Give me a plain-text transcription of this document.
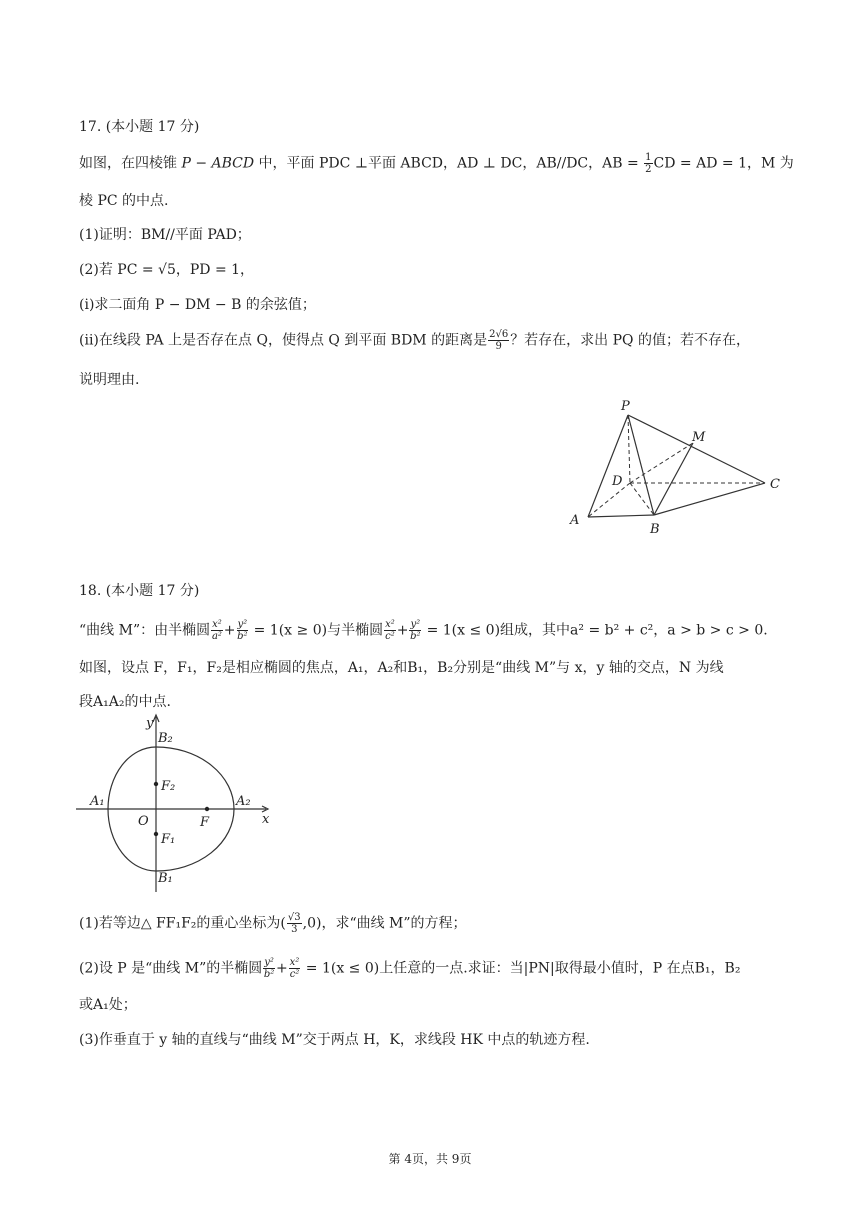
17. (本小题 17 分)
如图，在四棱锥 P − ABCD 中，平面 PDC ⊥平面 ABCD，AD ⊥ DC，AB//DC，AB = $\frac{1}{2}$ CD = AD = 1，M 为
棱 PC 的中点.
(1)证明：BM//平面 PAD；
(2)若 PC = √5，PD = 1，
(i)求二面角 P − DM − B 的余弦值；
(ii)在线段 PA 上是否存在点 Q，使得点 Q 到平面 BDM 的距离是 $\frac{2√6}{9}$ ？若存在，求出 PQ 的值；若不存在，
说明理由.
P
M
D	C
A
B
18. (本小题 17 分)
“曲线 M”：由半椭圆 $\frac{\text{x²}}{\text{a²}} + \frac{\text{y²}}{\text{b²}} = 1(x \ge 0)$与半椭圆 $\frac{\text{x²}}{\text{c²}} + \frac{\text{y²}}{\text{b²}} = 1(x \le 0)$组成，其中a² = b² + c²，a > b > c > 0.
如图，设点 F，F₁，F₂是相应椭圆的焦点，A₁，A₂和B₁，B₂分别是“曲线 M”与 x，y 轴的交点，N 为线
段A₁A₂的中点.
y
x
B₂
F₂
A₁	A₂
O	F
F₁
B₁
(1)若等边△ FF₁F₂的重心坐标为( $\frac{√3}{3} ,0$)，求“曲线 M”的方程；
(2)设 P 是“曲线 M”的半椭圆 $\frac{\text{y²}}{\text{b²}} + \frac{\text{x²}}{\text{c²}} = 1(x \le 0)$上任意的一点.求证：当|PN|取得最小值时，P 在点B₁，B₂
或A₁处；
(3)作垂直于 y 轴的直线与“曲线 M”交于两点 H，K，求线段 HK 中点的轨迹方程.
第 4页，共 9页
